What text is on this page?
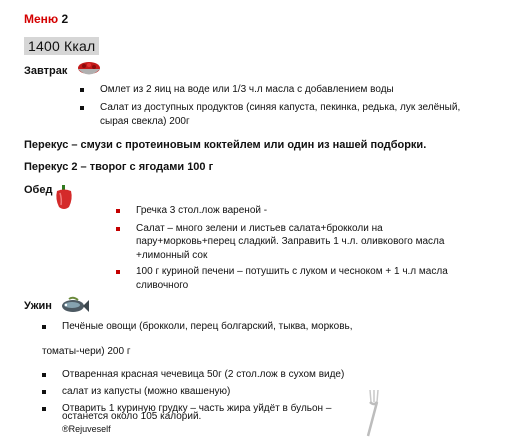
Меню 2
1400 Ккал
Завтрак
Омлет из 2 яиц на воде или 1/3 ч.л масла с добавлением воды
Салат из доступных продуктов (синяя капуста, пекинка, редька, лук зелёный,
сырая свекла) 200г
Перекус – смузи с протеиновым коктейлем или один из нашей подборки.
Перекус 2 – творог с ягодами 100 г
Обед
Гречка 3 стол.лож вареной -
Салат – много зелени и листьев салата+брокколи на
пару+морковь+перец сладкий. Заправить 1 ч.л. оливкового масла
+лимонный сок
100 г куриной печени – потушить с луком и чесноком + 1 ч.л масла
сливочного
Ужин
Печёные овощи (брокколи, перец болгарский, тыква, морковь,
томаты-чери) 200 г
Отваренная красная чечевица 50г (2 стол.лож в сухом виде)
салат из капусты (можно квашеную)
Отварить 1 куриную грудку – часть жира уйдёт в бульон –
останется около 105 калорий.
®Rejuveself
